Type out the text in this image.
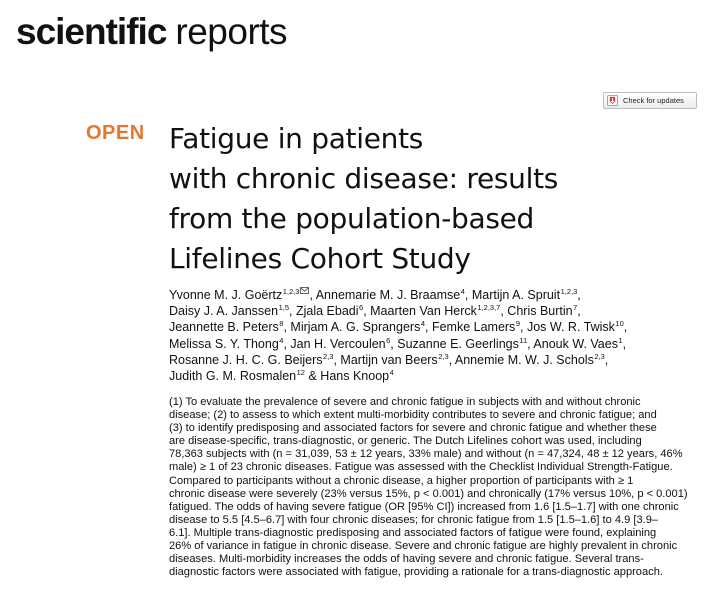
scientific reports
Check for updates
OPEN Fatigue in patients
with chronic disease: results
from the population-based
Lifelines Cohort Study
Yvonne M. J. Goërtz$^{1,2,3}$ , Annemarie M. J. Braamse$^4$, Martijn A. Spruit$^{1,2,3}$,
Daisy J. A. Janssen$^{1,5}$, Zjala Ebadi$^6$, Maarten Van Herck$^{1,2,3,7}$, Chris Burtin$^7$,
Jeannette B. Peters$^8$, Mirjam A. G. Sprangers$^4$, Femke Lamers$^9$, Jos W. R. Twisk$^{10}$,
Melissa S. Y. Thong$^4$, Jan H. Vercoulen$^6$, Suzanne E. Geerlings$^{11}$, Anouk W. Vaes$^1$,
Rosanne J. H. C. G. Beijers$^{2,3}$, Martijn van Beers$^{2,3}$, Annemie M. W. J. Schols$^{2,3}$,
Judith G. M. Rosmalen$^{12}$ & Hans Knoop$^4$
(1) To evaluate the prevalence of severe and chronic fatigue in subjects with and without chronic
disease; (2) to assess to which extent multi-morbidity contributes to severe and chronic fatigue; and
(3) to identify predisposing and associated factors for severe and chronic fatigue and whether these
are disease-specific, trans-diagnostic, or generic. The Dutch Lifelines cohort was used, including
78,363 subjects with (n = 31,039, 53 ± 12 years, 33% male) and without (n = 47,324, 48 ± 12 years, 46%
male) ≥ 1 of 23 chronic diseases. Fatigue was assessed with the Checklist Individual Strength-Fatigue.
Compared to participants without a chronic disease, a higher proportion of participants with ≥ 1
chronic disease were severely (23% versus 15%, p < 0.001) and chronically (17% versus 10%, p < 0.001)
fatigued. The odds of having severe fatigue (OR [95% CI]) increased from 1.6 [1.5–1.7] with one chronic
disease to 5.5 [4.5–6.7] with four chronic diseases; for chronic fatigue from 1.5 [1.5–1.6] to 4.9 [3.9–
6.1]. Multiple trans-diagnostic predisposing and associated factors of fatigue were found, explaining
26% of variance in fatigue in chronic disease. Severe and chronic fatigue are highly prevalent in chronic
diseases. Multi-morbidity increases the odds of having severe and chronic fatigue. Several trans-
diagnostic factors were associated with fatigue, providing a rationale for a trans-diagnostic approach.
